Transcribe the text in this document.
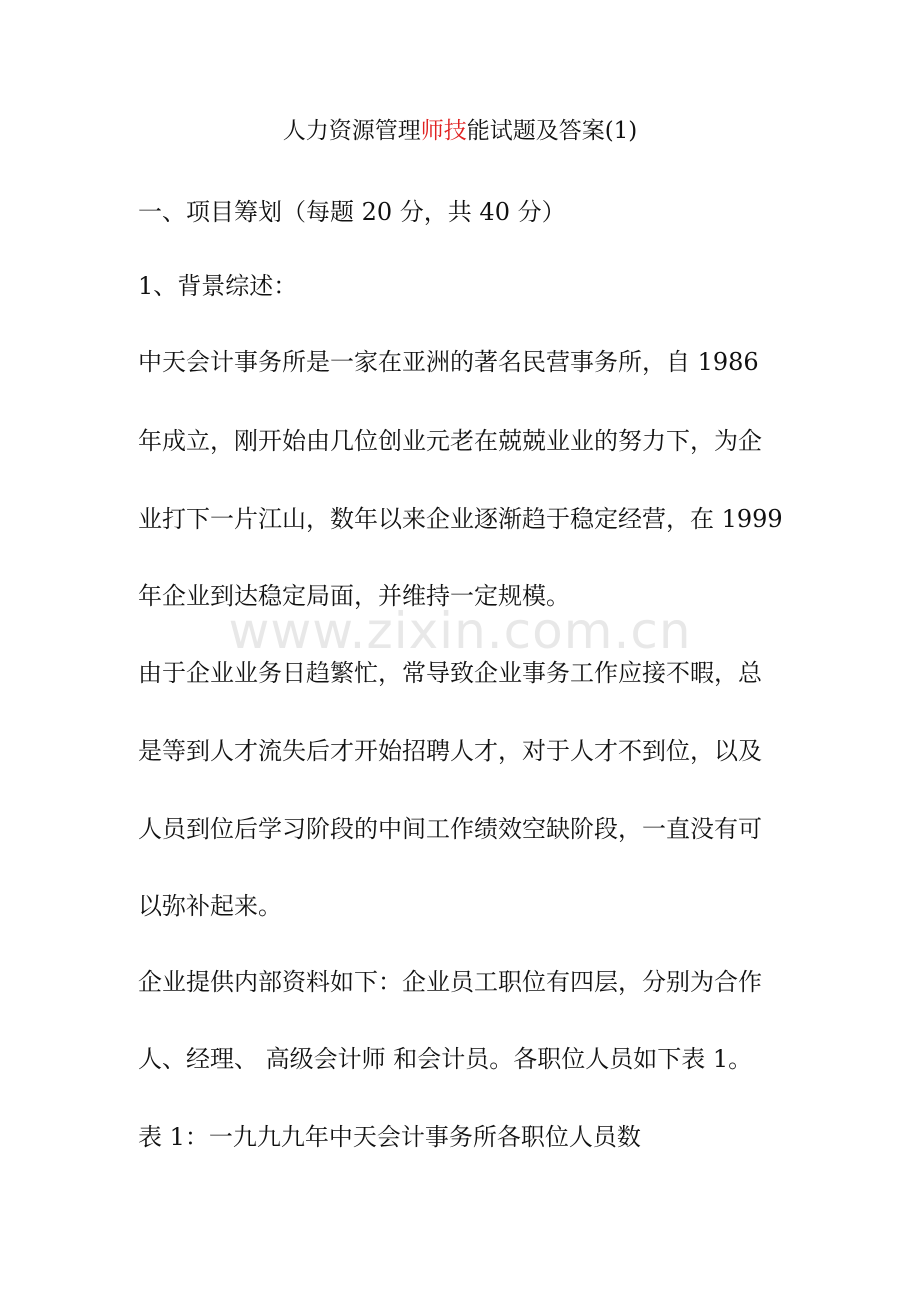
人力资源管理师技能试题及答案(1)
一、项目筹划（每题 20 分，共 40 分）
1、背景综述：
中天会计事务所是一家在亚洲的著名民营事务所，自 1986
年成立，刚开始由几位创业元老在兢兢业业的努力下，为企
业打下一片江山，数年以来企业逐渐趋于稳定经营，在 1999
年企业到达稳定局面，并维持一定规模。
由于企业业务日趋繁忙，常导致企业事务工作应接不暇，总
是等到人才流失后才开始招聘人才，对于人才不到位，以及
人员到位后学习阶段的中间工作绩效空缺阶段，一直没有可
以弥补起来。
企业提供内部资料如下：企业员工职位有四层，分别为合作
人、经理、 高级会计师 和会计员。各职位人员如下表 1。
表 1：一九九九年中天会计事务所各职位人员数
www.zixin.com.cn
